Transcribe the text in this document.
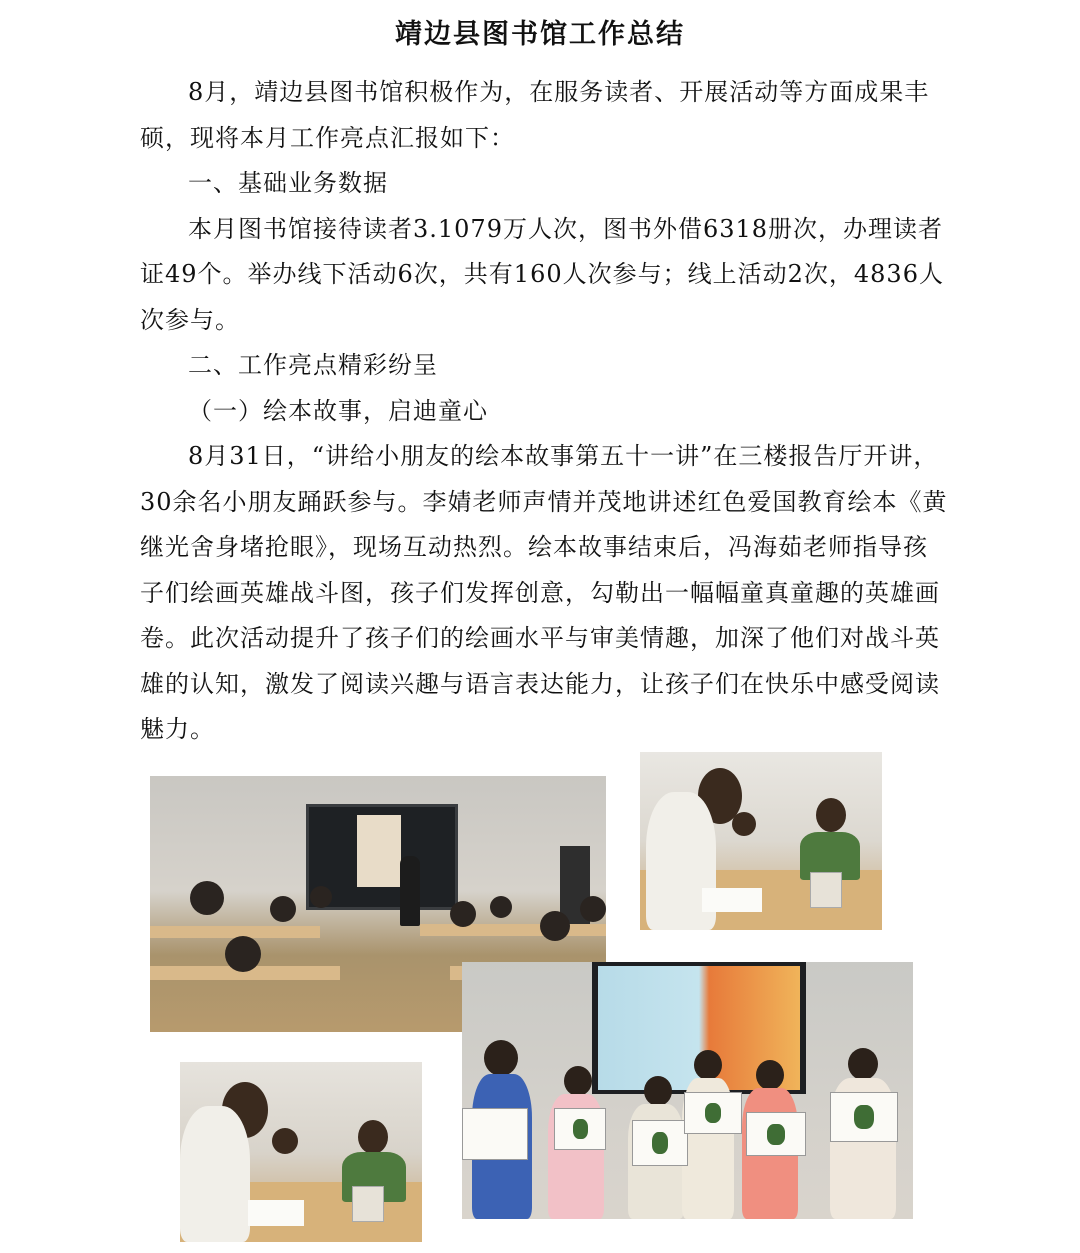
靖边县图书馆工作总结

8月，靖边县图书馆积极作为，在服务读者、开展活动等方面成果丰硕，现将本月工作亮点汇报如下：

一、基础业务数据

本月图书馆接待读者3.1079万人次，图书外借6318册次，办理读者证49个。举办线下活动6次，共有160人次参与；线上活动2次，4836人次参与。

二、工作亮点精彩纷呈

（一）绘本故事，启迪童心

8月31日，“讲给小朋友的绘本故事第五十一讲”在三楼报告厅开讲，30余名小朋友踊跃参与。李婧老师声情并茂地讲述红色爱国教育绘本《黄继光舍身堵抢眼》，现场互动热烈。绘本故事结束后，冯海茹老师指导孩子们绘画英雄战斗图，孩子们发挥创意，勾勒出一幅幅童真童趣的英雄画卷。此次活动提升了孩子们的绘画水平与审美情趣，加深了他们对战斗英雄的认知，激发了阅读兴趣与语言表达能力，让孩子们在快乐中感受阅读魅力。
